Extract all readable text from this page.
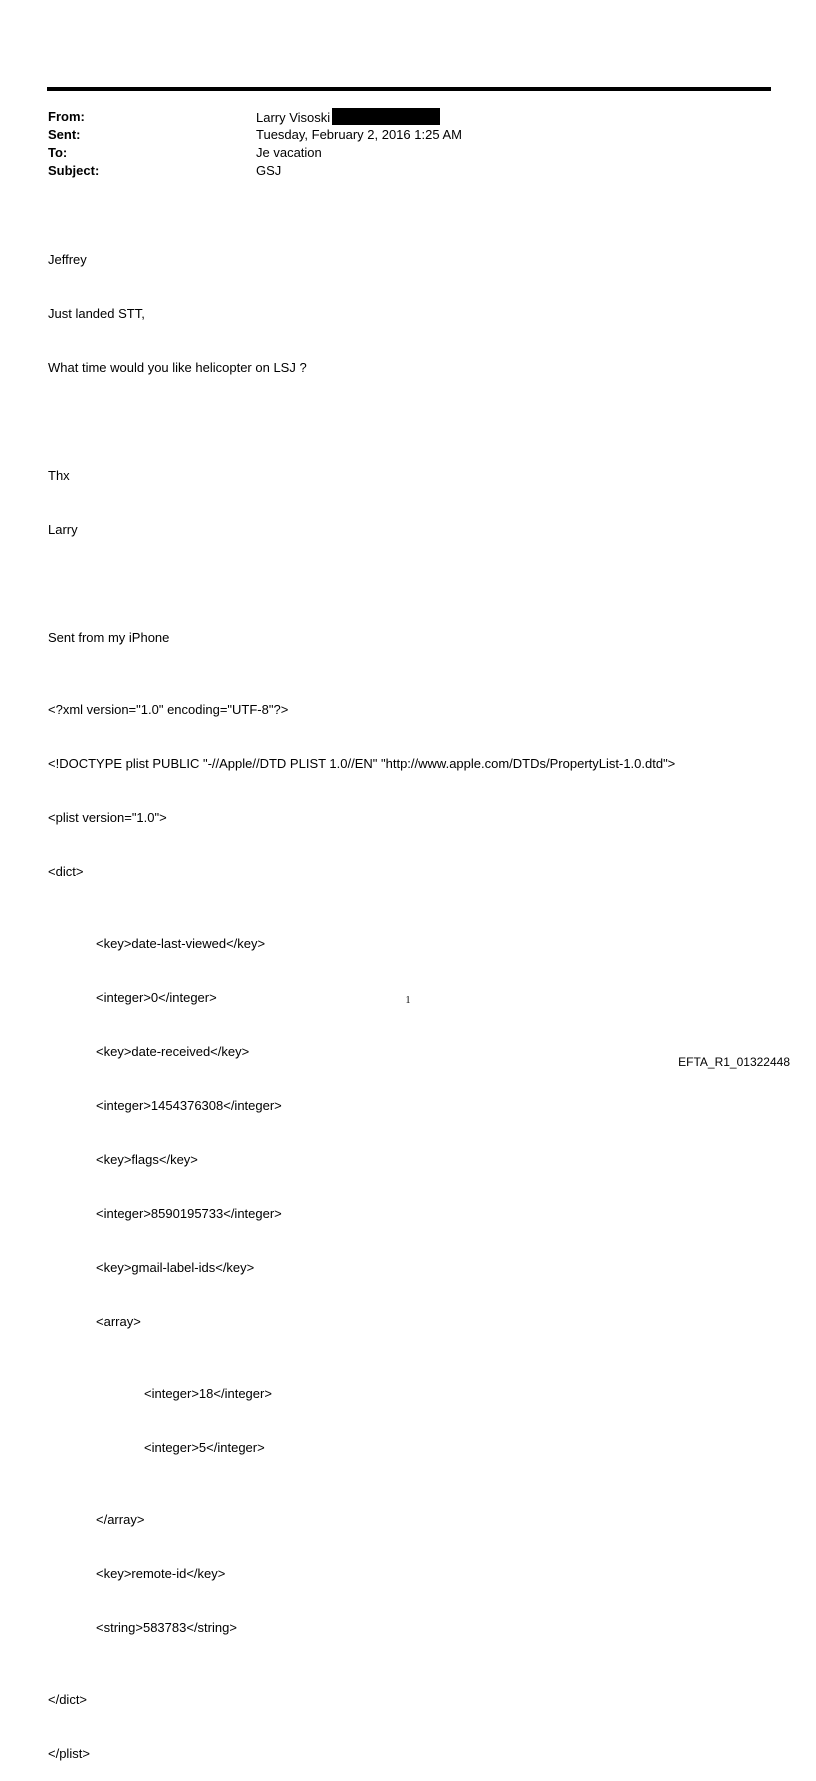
From:	Larry Visoski
Sent:	Tuesday, February 2, 2016 1:25 AM
To:	Je vacation
Subject:	GSJ

Jeffrey

Just landed STT,

What time would you like helicopter on LSJ ?

Thx

Larry

Sent from my iPhone

<?xml version="1.0" encoding="UTF-8"?>

<!DOCTYPE plist PUBLIC "-//Apple//DTD PLIST 1.0//EN" "http://www.apple.com/DTDs/PropertyList-1.0.dtd">

<plist version="1.0">

<dict>

<key>date-last-viewed</key>

<integer>0</integer>

<key>date-received</key>

<integer>1454376308</integer>

<key>flags</key>

<integer>8590195733</integer>

<key>gmail-label-ids</key>

<array>

<integer>18</integer>

<integer>5</integer>

</array>

<key>remote-id</key>

<string>583783</string>

</dict>

</plist>

1
EFTA_R1_01322448
